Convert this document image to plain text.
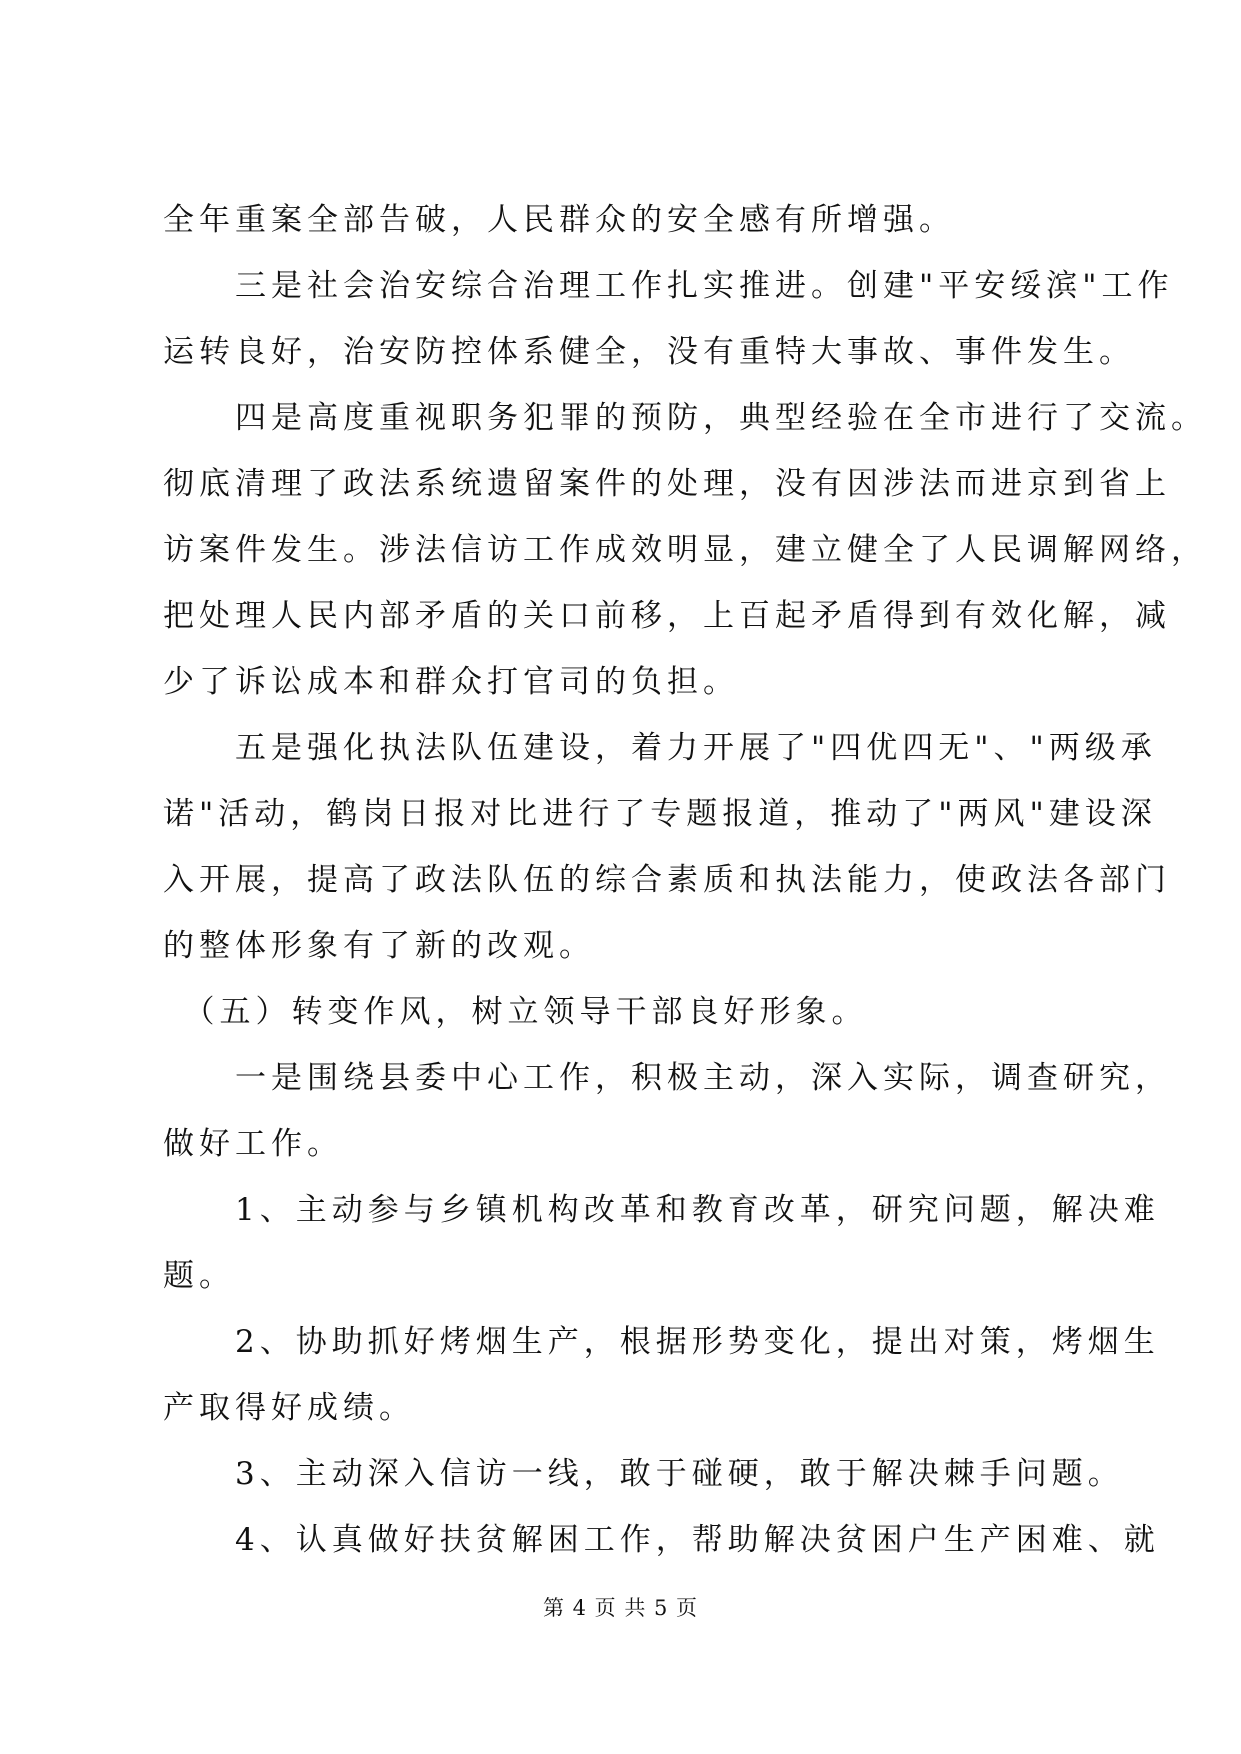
全年重案全部告破，人民群众的安全感有所增强。
　　三是社会治安综合治理工作扎实推进。创建"平安绥滨"工作
运转良好，治安防控体系健全，没有重特大事故、事件发生。
　　四是高度重视职务犯罪的预防，典型经验在全市进行了交流。
彻底清理了政法系统遗留案件的处理，没有因涉法而进京到省上
访案件发生。涉法信访工作成效明显，建立健全了人民调解网络，
把处理人民内部矛盾的关口前移，上百起矛盾得到有效化解，减
少了诉讼成本和群众打官司的负担。
　　五是强化执法队伍建设，着力开展了"四优四无"、"两级承
诺"活动，鹤岗日报对比进行了专题报道，推动了"两风"建设深
入开展，提高了政法队伍的综合素质和执法能力，使政法各部门
的整体形象有了新的改观。
　（五）转变作风，树立领导干部良好形象。
　　一是围绕县委中心工作，积极主动，深入实际，调查研究，
做好工作。
　　1、主动参与乡镇机构改革和教育改革，研究问题，解决难
题。
　　2、协助抓好烤烟生产，根据形势变化，提出对策，烤烟生
产取得好成绩。
　　3、主动深入信访一线，敢于碰硬，敢于解决棘手问题。
　　4、认真做好扶贫解困工作，帮助解决贫困户生产困难、就
第 4 页 共 5 页
